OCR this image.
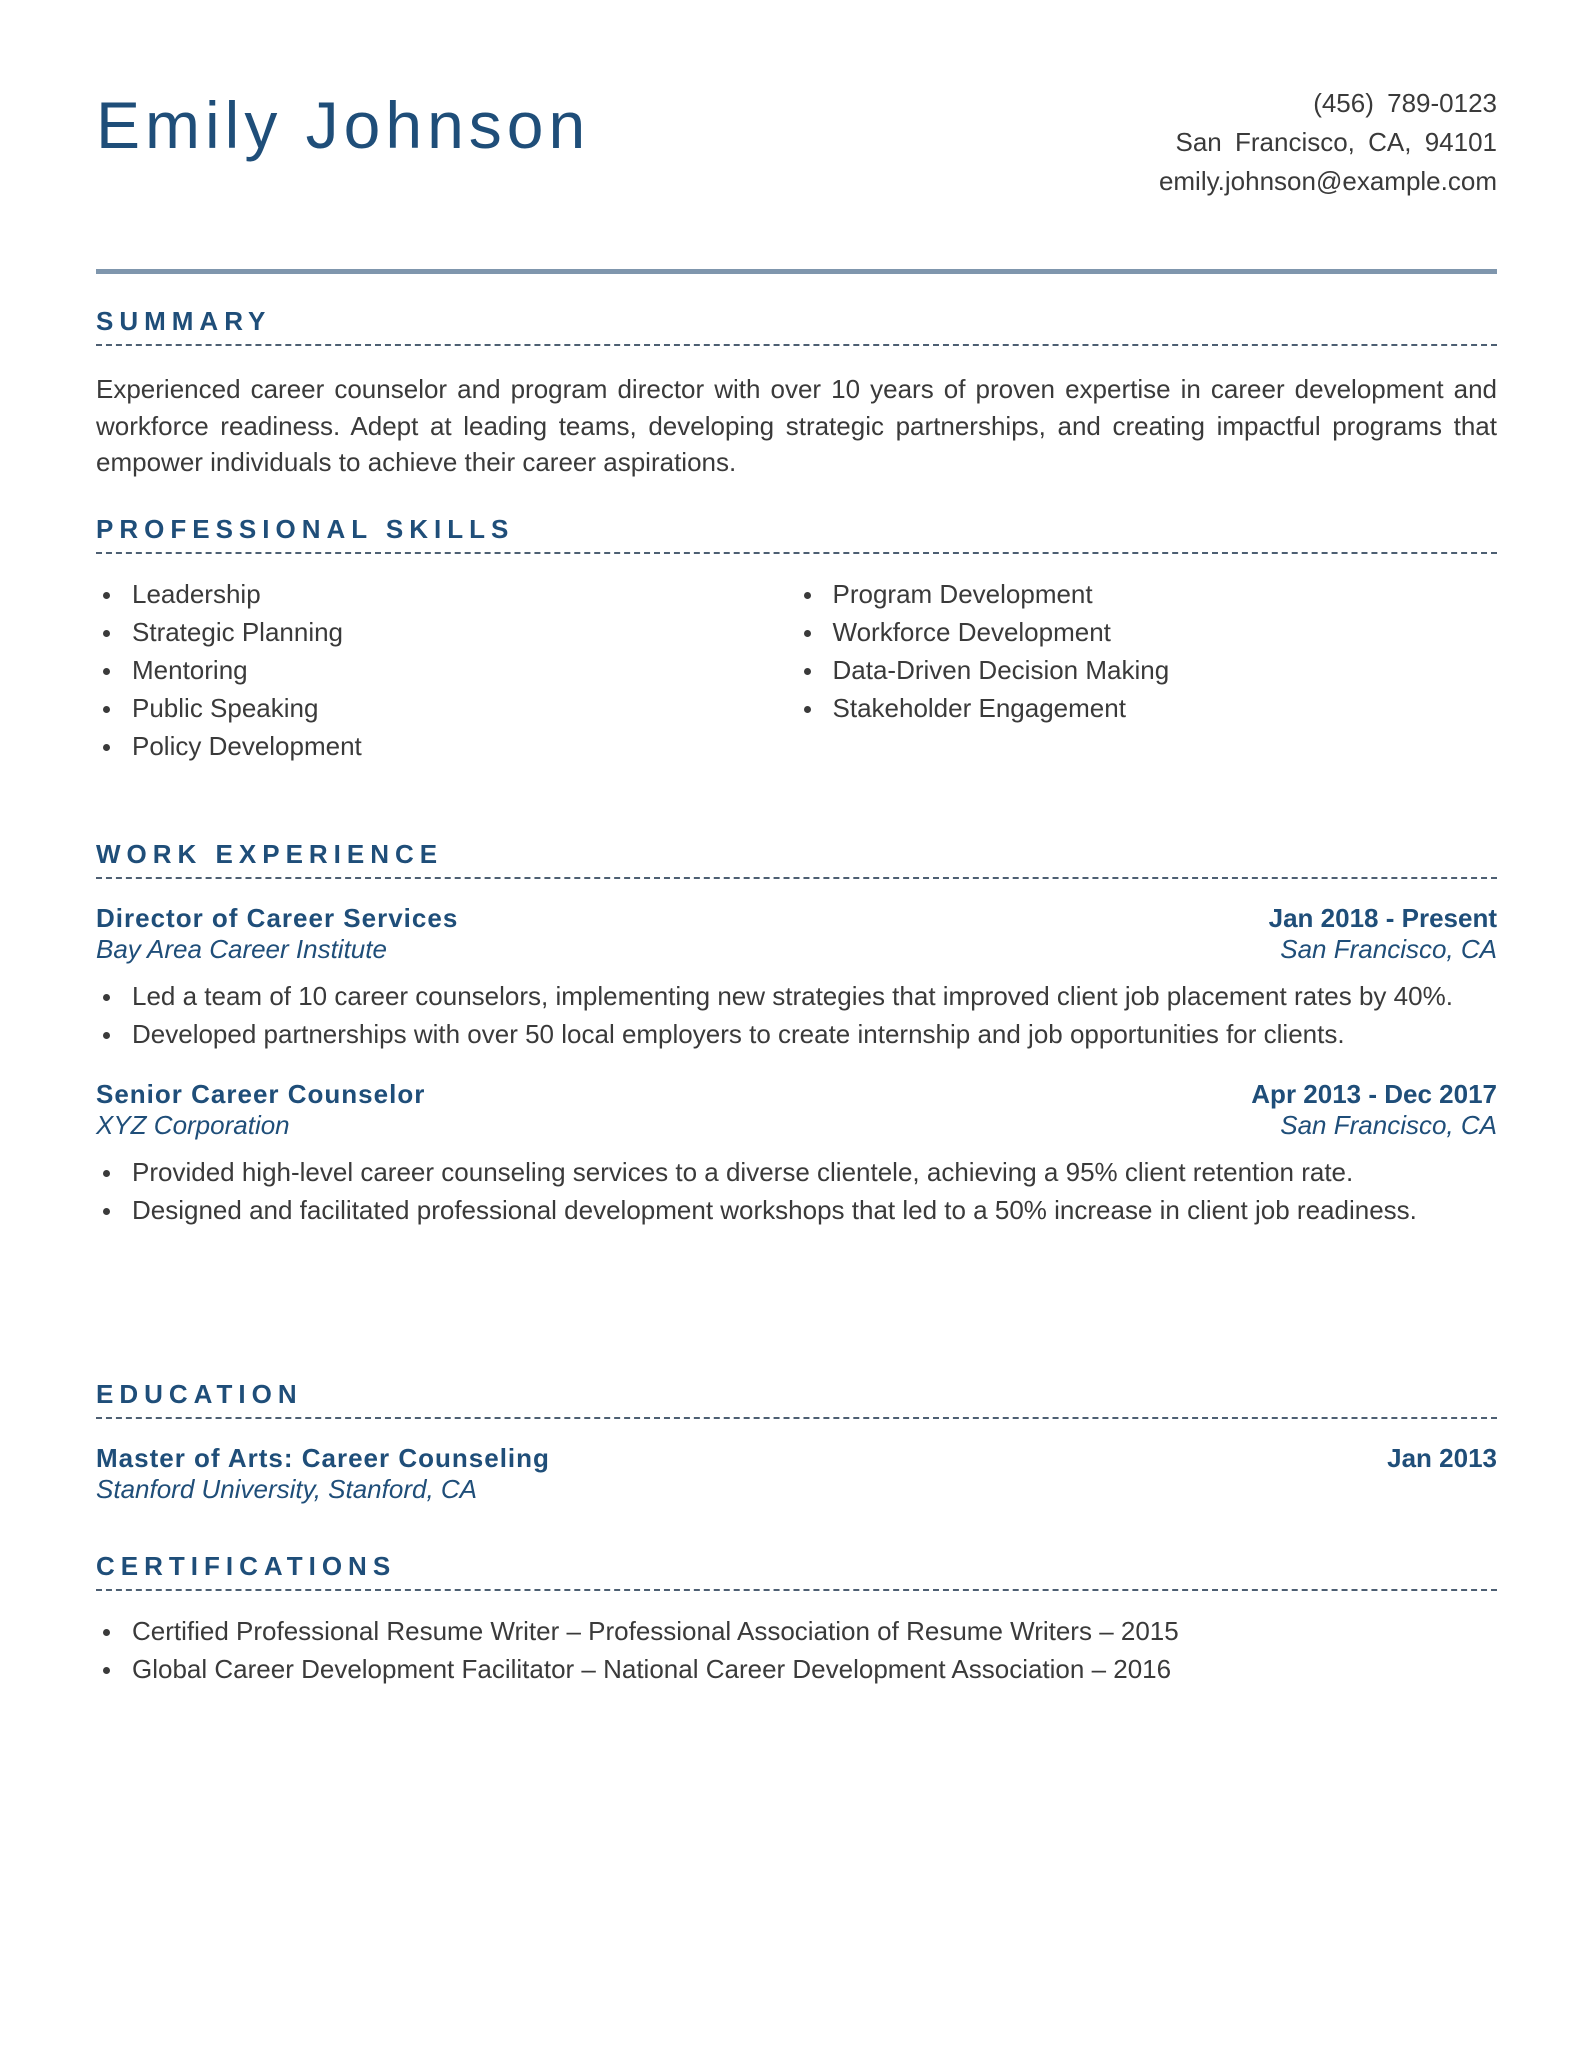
Emily Johnson	(456) 789-0123
San Francisco, CA, 94101
emily.johnson@example.com
SUMMARY

Experienced career counselor and program director with over 10 years of proven expertise in career development and workforce readiness. Adept at leading teams, developing strategic partnerships, and creating impactful programs that empower individuals to achieve their career aspirations.

PROFESSIONAL SKILLS
Leadership
Strategic Planning
Mentoring
Public Speaking
Policy Development
Program Development
Workforce Development
Data-Driven Decision Making
Stakeholder Engagement
WORK EXPERIENCE
Director of Career Services	Jan 2018 - Present
Bay Area Career Institute	San Francisco, CA
Led a team of 10 career counselors, implementing new strategies that improved client job placement rates by 40%.
Developed partnerships with over 50 local employers to create internship and job opportunities for clients.
Senior Career Counselor	Apr 2013 - Dec 2017
XYZ Corporation	San Francisco, CA
Provided high-level career counseling services to a diverse clientele, achieving a 95% client retention rate.
Designed and facilitated professional development workshops that led to a 50% increase in client job readiness.
EDUCATION
Master of Arts: Career Counseling	Jan 2013
Stanford University, Stanford, CA
CERTIFICATIONS
Certified Professional Resume Writer – Professional Association of Resume Writers – 2015
Global Career Development Facilitator – National Career Development Association – 2016
